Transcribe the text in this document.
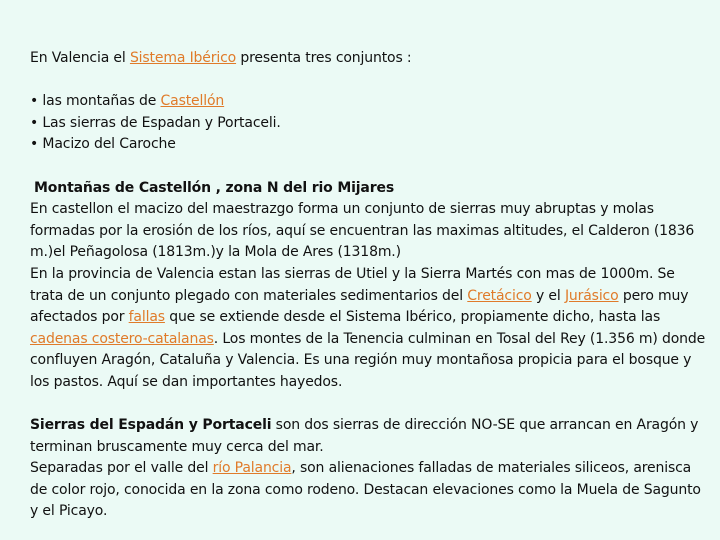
En Valencia el Sistema Ibérico presenta tres conjuntos :

• las montañas de Castellón

• Las sierras de Espadan y Portaceli.

• Macizo del Caroche

Montañas de Castellón , zona N del rio Mijares

En castellon el macizo del maestrazgo forma un conjunto de sierras muy abruptas y molas formadas por la erosión de los ríos, aquí se encuentran las maximas altitudes, el Calderon (1836 m.)el Peñagolosa (1813m.)y la Mola de Ares (1318m.)

En la provincia de Valencia estan las sierras de Utiel y la Sierra Martés con mas de 1000m. Se trata de un conjunto plegado con materiales sedimentarios del Cretácico y el Jurásico pero muy afectados por fallas que se extiende desde el Sistema Ibérico, propiamente dicho, hasta las cadenas costero-catalanas. Los montes de la Tenencia culminan en Tosal del Rey (1.356 m) donde confluyen Aragón, Cataluña y Valencia. Es una región muy montañosa propicia para el bosque y los pastos. Aquí se dan importantes hayedos.

Sierras del Espadán y Portaceli son dos sierras de dirección NO-SE que arrancan en Aragón y terminan bruscamente muy cerca del mar.

Separadas por el valle del río Palancia, son alienaciones falladas de materiales siliceos, arenisca de color rojo, conocida en la zona como rodeno. Destacan elevaciones como la Muela de Sagunto y el Picayo.
